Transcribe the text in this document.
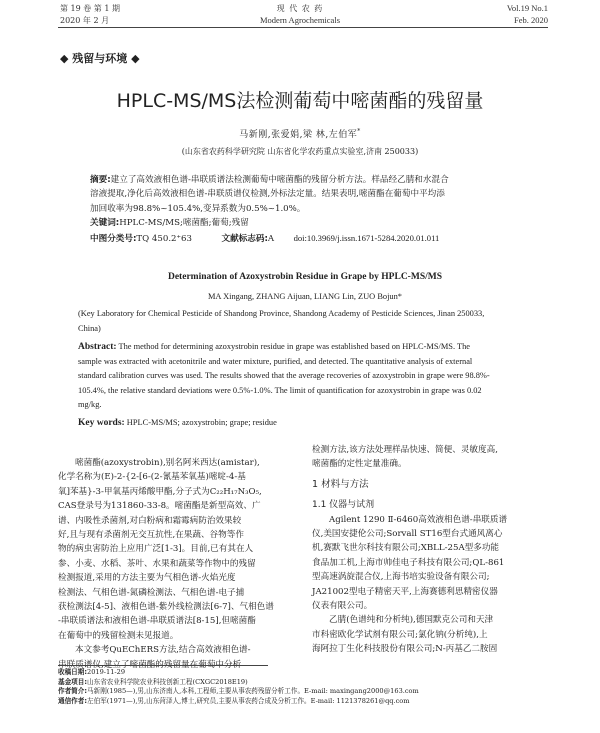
第 19 卷 第 1 期
2020 年 2 月
现 代 农 药
Modern Agrochemicals
Vol.19 No.1
Feb. 2020
◆ 残留与环境 ◆
HPLC-MS/MS法检测葡萄中嘧菌酯的残留量
马新刚,张爱娟,梁 林,左伯军*
(山东省农药科学研究院 山东省化学农药重点实验室,济南 250033)
摘要:建立了高效液相色谱-串联质谱法检测葡萄中嘧菌酯的残留分析方法。样品经乙腈和水混合
溶液提取,净化后高效液相色谱-串联质谱仪检测,外标法定量。结果表明,嘧菌酯在葡萄中平均添
加回收率为98.8%~105.4%,变异系数为0.5%~1.0%。
关键词:HPLC-MS/MS;嘧菌酯;葡萄;残留
中图分类号:TQ 450.2⁺63	文献标志码:A doi:10.3969/j.issn.1671-5284.2020.01.011
Determination of Azoxystrobin Residue in Grape by HPLC-MS/MS
MA Xingang, ZHANG Aijuan, LIANG Lin, ZUO Bojun*
(Key Laboratory for Chemical Pesticide of Shandong Province, Shandong Academy of Pesticide Sciences, Jinan 250033,
China)
Abstract: The method for determining azoxystrobin residue in grape was established based on HPLC-MS/MS. The
sample was extracted with acetonitrile and water mixture, purified, and detected. The quantitative analysis of external
standard calibration curves was used. The results showed that the average recoveries of azoxystrobin in grape were 98.8%-
105.4%, the relative standard deviations were 0.5%-1.0%. The limit of quantification for azoxystrobin in grape was 0.02
mg/kg.
Key words: HPLC-MS/MS; azoxystrobin; grape; residue
嘧菌酯(azoxystrobin),别名阿米西达(amistar),
化学名称为(E)-2-{2-[6-(2-氰基苯氧基)嘧啶-4-基
氧]苯基}-3-甲氧基丙烯酸甲酯,分子式为C₂₂H₁₇N₃O₅,
CAS登录号为131860-33-8。嘧菌酯是新型高效、广
谱、内吸性杀菌剂,对白粉病和霜霉病防治效果较
好,且与现有杀菌剂无交互抗性,在果蔬、谷物等作
物的病虫害防治上应用广泛[1-3]。目前,已有其在人
参、小麦、水稻、茶叶、水果和蔬菜等作物中的残留
检测报道,采用的方法主要为气相色谱-火焰光度
检测法、气相色谱-氮磷检测法、气相色谱-电子捕
获检测法[4-5]、液相色谱-紫外线检测法[6-7]、气相色谱
-串联质谱法和液相色谱-串联质谱法[8-15],但嘧菌酯
在葡萄中的残留检测未见报道。
本文参考QuEChERS方法,结合高效液相色谱-
串联质谱仪,建立了嘧菌酯的残留量在葡萄中分析
检测方法,该方法处理样品快速、简便、灵敏度高,
嘧菌酯的定性定量准确。
1 材料与方法
1.1 仪器与试剂
Agilent 1290 Ⅱ-6460高效液相色谱-串联质谱
仪,美国安捷伦公司;Sorvall ST16型台式通风离心
机,赛默飞世尔科技有限公司;XBLL-25A型多功能
食品加工机,上海市帅佳电子科技有限公司;QL-861
型高速涡旋混合仪,上海书培实验设备有限公司;
JA21002型电子精密天平,上海赛德利思精密仪器
仪表有限公司。
乙腈(色谱纯和分析纯),德国默克公司和天津
市科密欧化学试剂有限公司;氯化钠(分析纯),上
海阿拉丁生化科技股份有限公司;N-丙基乙二胺固
收稿日期:2019-11-29
基金项目:山东省农业科学院农业科技创新工程(CXGC2018E19)
作者简介:马新刚(1985—),男,山东济南人,本科,工程师,主要从事农药残留分析工作。E-mail: maxingang2000@163.com
通信作者:左伯军(1971—),男,山东菏泽人,博士,研究员,主要从事农药合成及分析工作。E-mail: 1121378261@qq.com
